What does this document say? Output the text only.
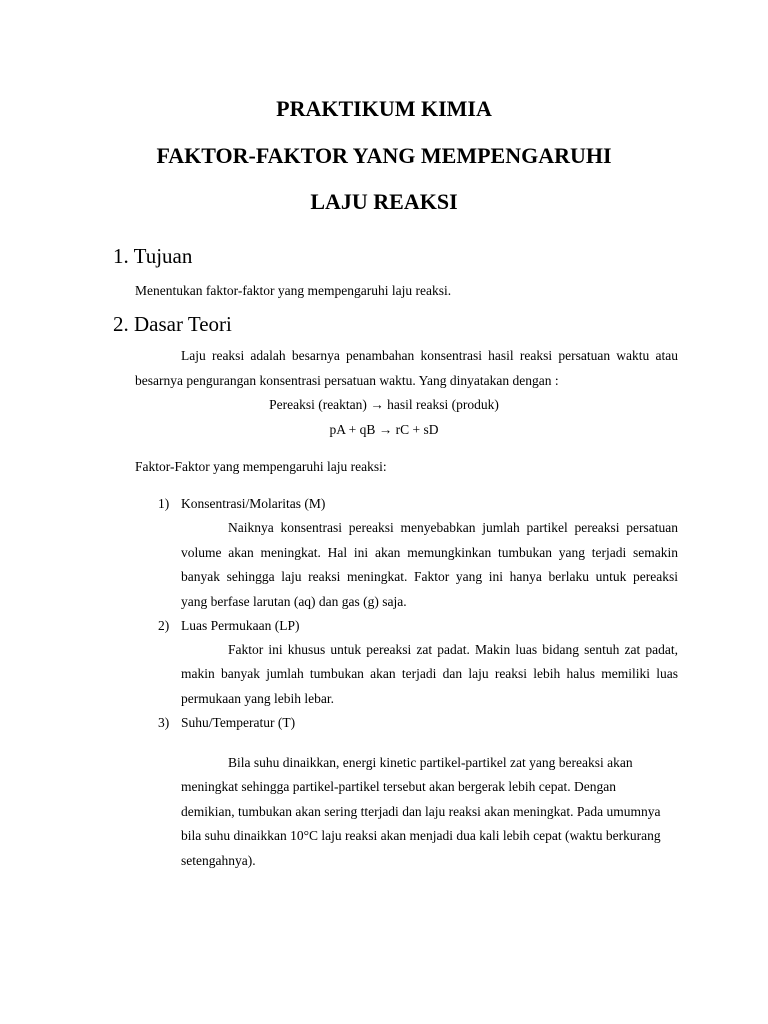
PRAKTIKUM KIMIA
FAKTOR-FAKTOR YANG MEMPENGARUHI
LAJU REAKSI
1. Tujuan

Menentukan faktor-faktor yang mempengaruhi laju reaksi.

2. Dasar Teori

Laju reaksi adalah besarnya penambahan konsentrasi hasil reaksi persatuan waktu atau

besarnya pengurangan konsentrasi persatuan waktu. Yang dinyatakan dengan :

Pereaksi (reaktan) → hasil reaksi (produk)

pA + qB → rC + sD

Faktor-Faktor yang mempengaruhi laju reaksi:

1) Konsentrasi/Molaritas (M)

Naiknya konsentrasi pereaksi menyebabkan jumlah partikel pereaksi persatuan

volume akan meningkat. Hal ini akan memungkinkan tumbukan yang terjadi semakin

banyak sehingga laju reaksi meningkat. Faktor yang ini hanya berlaku untuk pereaksi

yang berfase larutan (aq) dan gas (g) saja.

2) Luas Permukaan (LP)

Faktor ini khusus untuk pereaksi zat padat. Makin luas bidang sentuh zat padat,

makin banyak jumlah tumbukan akan terjadi dan laju reaksi lebih halus memiliki luas

permukaan yang lebih lebar.

3) Suhu/Temperatur (T)

Bila suhu dinaikkan, energi kinetic partikel-partikel zat yang bereaksi akan

meningkat sehingga partikel-partikel tersebut akan bergerak lebih cepat. Dengan

demikian, tumbukan akan sering tterjadi dan laju reaksi akan meningkat. Pada umumnya

bila suhu dinaikkan 10°C laju reaksi akan menjadi dua kali lebih cepat (waktu berkurang

setengahnya).
